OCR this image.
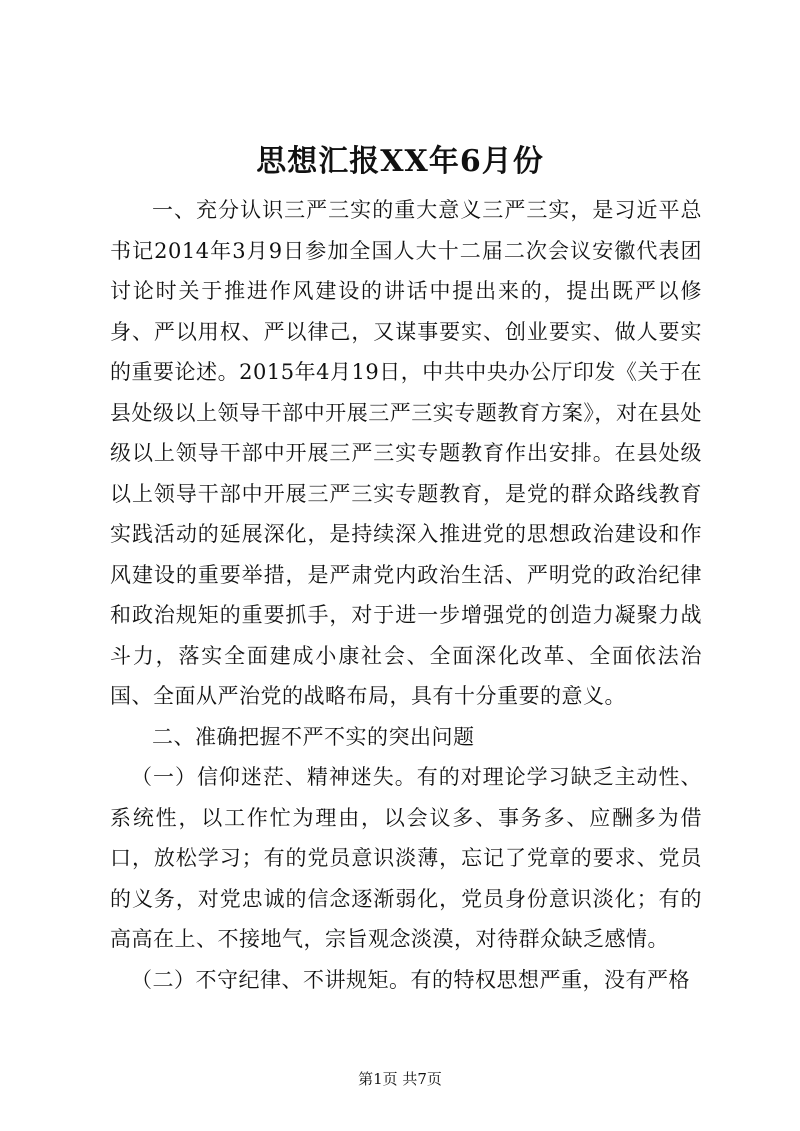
思想汇报XX年6月份

一、充分认识三严三实的重大意义三严三实，是习近平总书记2014年3月9日参加全国人大十二届二次会议安徽代表团讨论时关于推进作风建设的讲话中提出来的，提出既严以修身、严以用权、严以律己，又谋事要实、创业要实、做人要实的重要论述。2015年4月19日，中共中央办公厅印发《关于在县处级以上领导干部中开展三严三实专题教育方案》，对在县处级以上领导干部中开展三严三实专题教育作出安排。在县处级以上领导干部中开展三严三实专题教育，是党的群众路线教育实践活动的延展深化，是持续深入推进党的思想政治建设和作风建设的重要举措，是严肃党内政治生活、严明党的政治纪律和政治规矩的重要抓手，对于进一步增强党的创造力凝聚力战斗力，落实全面建成小康社会、全面深化改革、全面依法治国、全面从严治党的战略布局，具有十分重要的意义。

二、准确把握不严不实的突出问题

（一）信仰迷茫、精神迷失。有的对理论学习缺乏主动性、系统性，以工作忙为理由，以会议多、事务多、应酬多为借口，放松学习；有的党员意识淡薄，忘记了党章的要求、党员的义务，对党忠诚的信念逐渐弱化，党员身份意识淡化；有的高高在上、不接地气，宗旨观念淡漠，对待群众缺乏感情。

（二）不守纪律、不讲规矩。有的特权思想严重，没有严格

第1页 共7页
